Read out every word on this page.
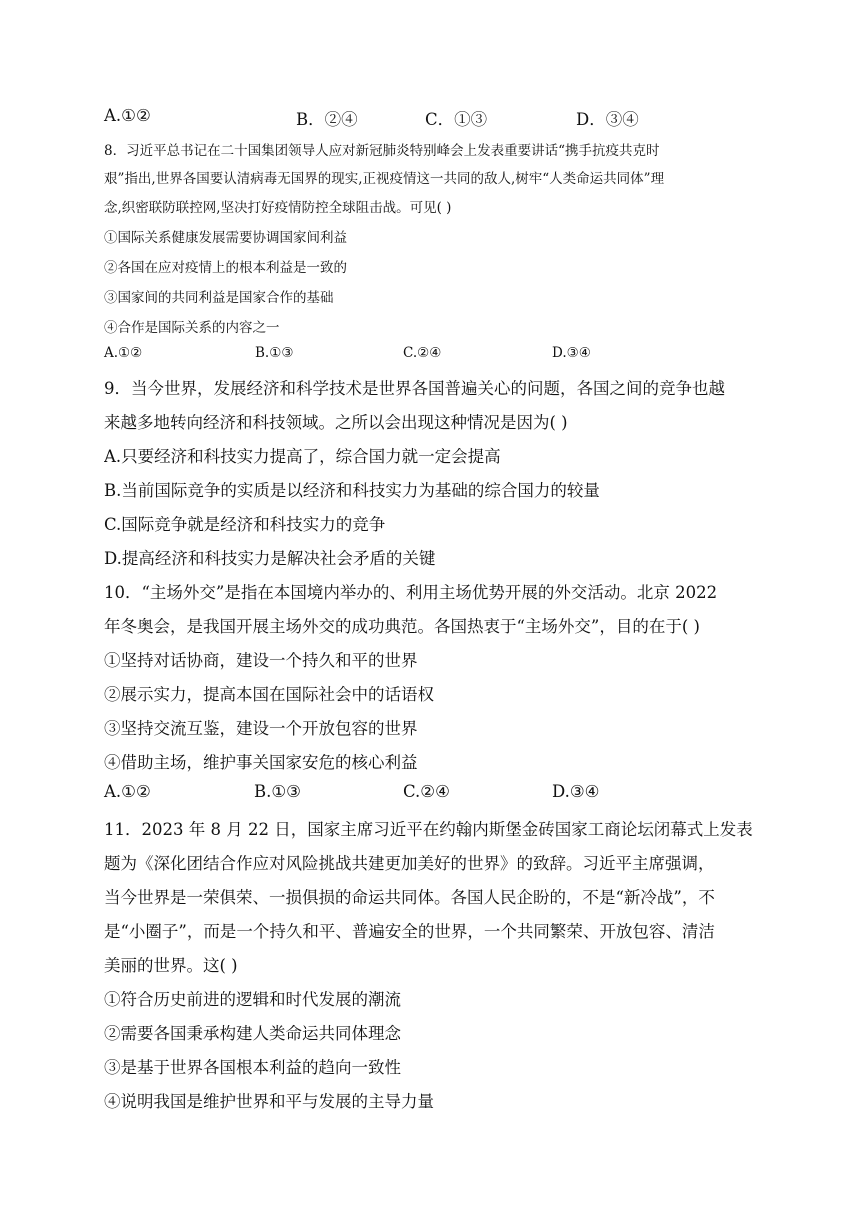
A.①②	B．②④	C．①③	D．③④
8．习近平总书记在二十国集团领导人应对新冠肺炎特别峰会上发表重要讲话“携手抗疫共克时
艰”指出,世界各国要认清病毒无国界的现实,正视疫情这一共同的敌人,树牢“人类命运共同体”理
念,织密联防联控网,坚决打好疫情防控全球阻击战。可见( )
①国际关系健康发展需要协调国家间利益
②各国在应对疫情上的根本利益是一致的
③国家间的共同利益是国家合作的基础
④合作是国际关系的内容之一
A.①②	B.①③	C.②④	D.③④
9．当今世界，发展经济和科学技术是世界各国普遍关心的问题，各国之间的竞争也越
来越多地转向经济和科技领域。之所以会出现这种情况是因为( )
A.只要经济和科技实力提高了，综合国力就一定会提高
B.当前国际竞争的实质是以经济和科技实力为基础的综合国力的较量
C.国际竞争就是经济和科技实力的竞争
D.提高经济和科技实力是解决社会矛盾的关键
10．“主场外交”是指在本国境内举办的、利用主场优势开展的外交活动。北京 2022
年冬奥会，是我国开展主场外交的成功典范。各国热衷于“主场外交”，目的在于( )
①坚持对话协商，建设一个持久和平的世界
②展示实力，提高本国在国际社会中的话语权
③坚持交流互鉴，建设一个开放包容的世界
④借助主场，维护事关国家安危的核心利益
A.①②	B.①③	C.②④	D.③④
11．2023 年 8 月 22 日，国家主席习近平在约翰内斯堡金砖国家工商论坛闭幕式上发表
题为《深化团结合作应对风险挑战共建更加美好的世界》的致辞。习近平主席强调，
当今世界是一荣俱荣、一损俱损的命运共同体。各国人民企盼的，不是“新冷战”，不
是“小圈子”，而是一个持久和平、普遍安全的世界，一个共同繁荣、开放包容、清洁
美丽的世界。这( )
①符合历史前进的逻辑和时代发展的潮流
②需要各国秉承构建人类命运共同体理念
③是基于世界各国根本利益的趋向一致性
④说明我国是维护世界和平与发展的主导力量
